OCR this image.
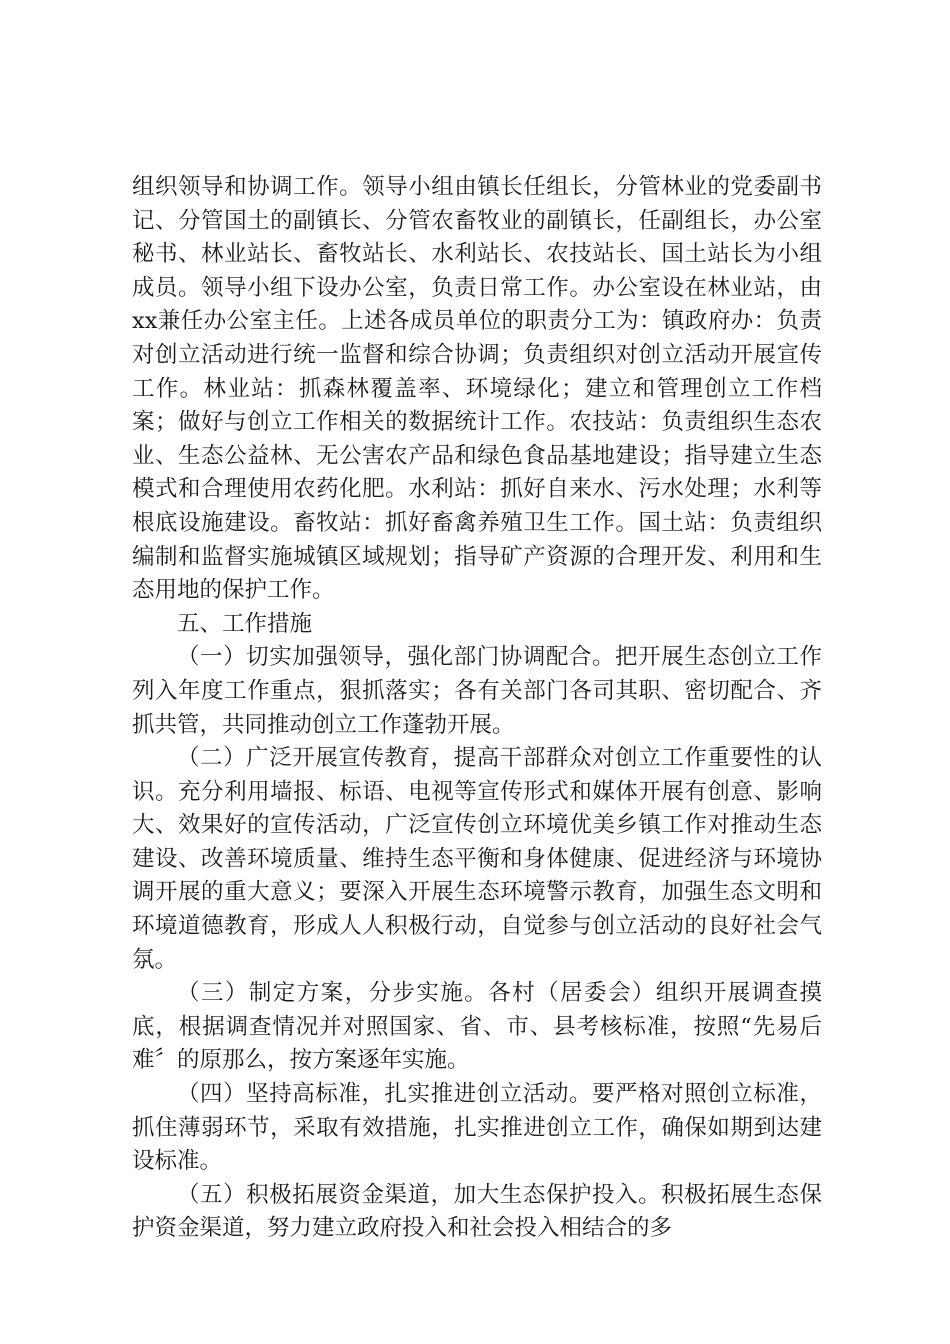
组织领导和协调工作。领导小组由镇长任组长，分管林业的党委副书记、分管国土的副镇长、分管农畜牧业的副镇长，任副组长，办公室秘书、林业站长、畜牧站长、水利站长、农技站长、国土站长为小组成员。领导小组下设办公室，负责日常工作。办公室设在林业站，由xx兼任办公室主任。上述各成员单位的职责分工为：镇政府办：负责对创立活动进行统一监督和综合协调；负责组织对创立活动开展宣传工作。林业站：抓森林覆盖率、环境绿化；建立和管理创立工作档案；做好与创立工作相关的数据统计工作。农技站：负责组织生态农业、生态公益林、无公害农产品和绿色食品基地建设；指导建立生态模式和合理使用农药化肥。水利站：抓好自来水、污水处理；水利等根底设施建设。畜牧站：抓好畜禽养殖卫生工作。国土站：负责组织编制和监督实施城镇区域规划；指导矿产资源的合理开发、利用和生态用地的保护工作。

五、工作措施

（一）切实加强领导，强化部门协调配合。把开展生态创立工作列入年度工作重点，狠抓落实；各有关部门各司其职、密切配合、齐抓共管，共同推动创立工作蓬勃开展。

（二）广泛开展宣传教育，提高干部群众对创立工作重要性的认识。充分利用墙报、标语、电视等宣传形式和媒体开展有创意、影响大、效果好的宣传活动，广泛宣传创立环境优美乡镇工作对推动生态建设、改善环境质量、维持生态平衡和身体健康、促进经济与环境协调开展的重大意义；要深入开展生态环境警示教育，加强生态文明和环境道德教育，形成人人积极行动，自觉参与创立活动的良好社会气氛。

（三）制定方案，分步实施。各村（居委会）组织开展调查摸底，根据调查情况并对照国家、省、市、县考核标准，按照“先易后难〞的原那么，按方案逐年实施。

（四）坚持高标准，扎实推进创立活动。要严格对照创立标准，抓住薄弱环节，采取有效措施，扎实推进创立工作，确保如期到达建设标准。

（五）积极拓展资金渠道，加大生态保护投入。积极拓展生态保护资金渠道，努力建立政府投入和社会投入相结合的多
